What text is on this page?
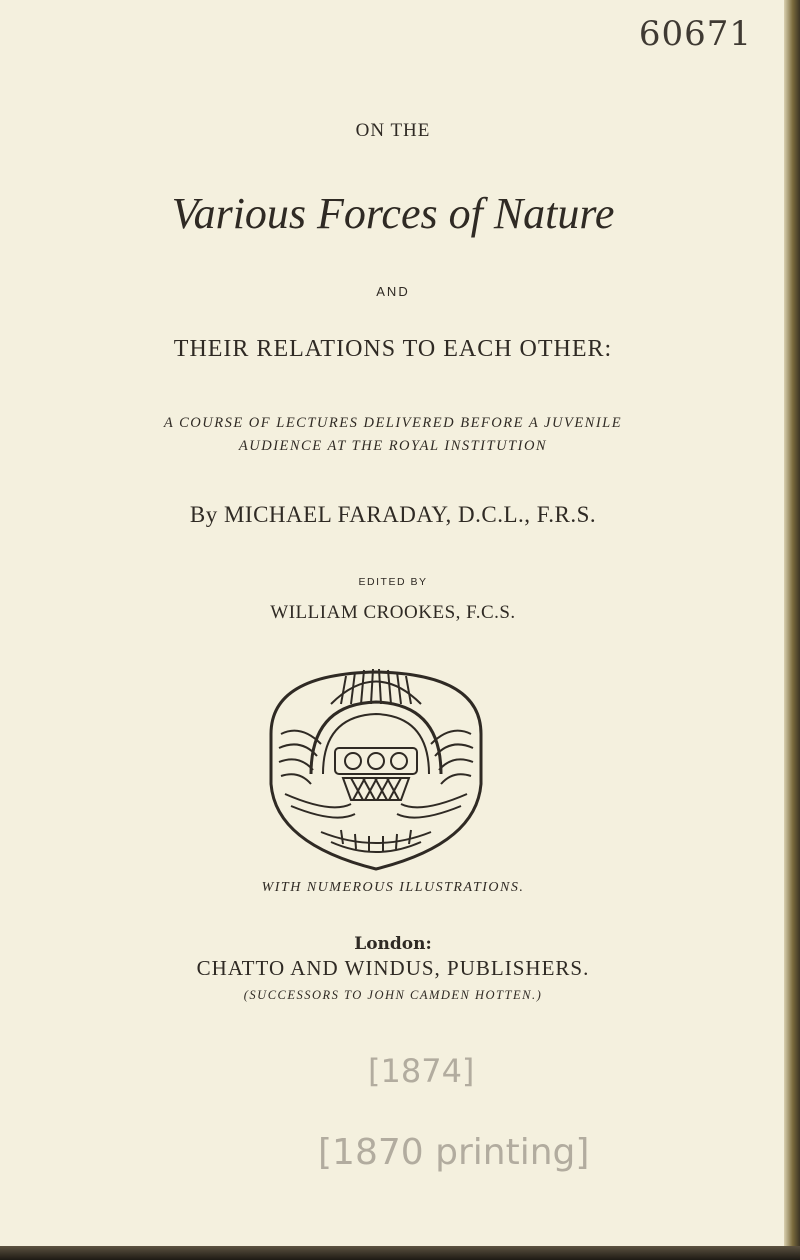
60671
ON THE
Various Forces of Nature
AND
THEIR RELATIONS TO EACH OTHER:
A COURSE OF LECTURES DELIVERED BEFORE A JUVENILE
AUDIENCE AT THE ROYAL INSTITUTION
By MICHAEL FARADAY, D.C.L., F.R.S.
EDITED BY
WILLIAM CROOKES, F.C.S.
WITH NUMEROUS ILLUSTRATIONS.
London:
CHATTO AND WINDUS, PUBLISHERS.
(SUCCESSORS TO JOHN CAMDEN HOTTEN.)
[1874]
[1870 printing]
